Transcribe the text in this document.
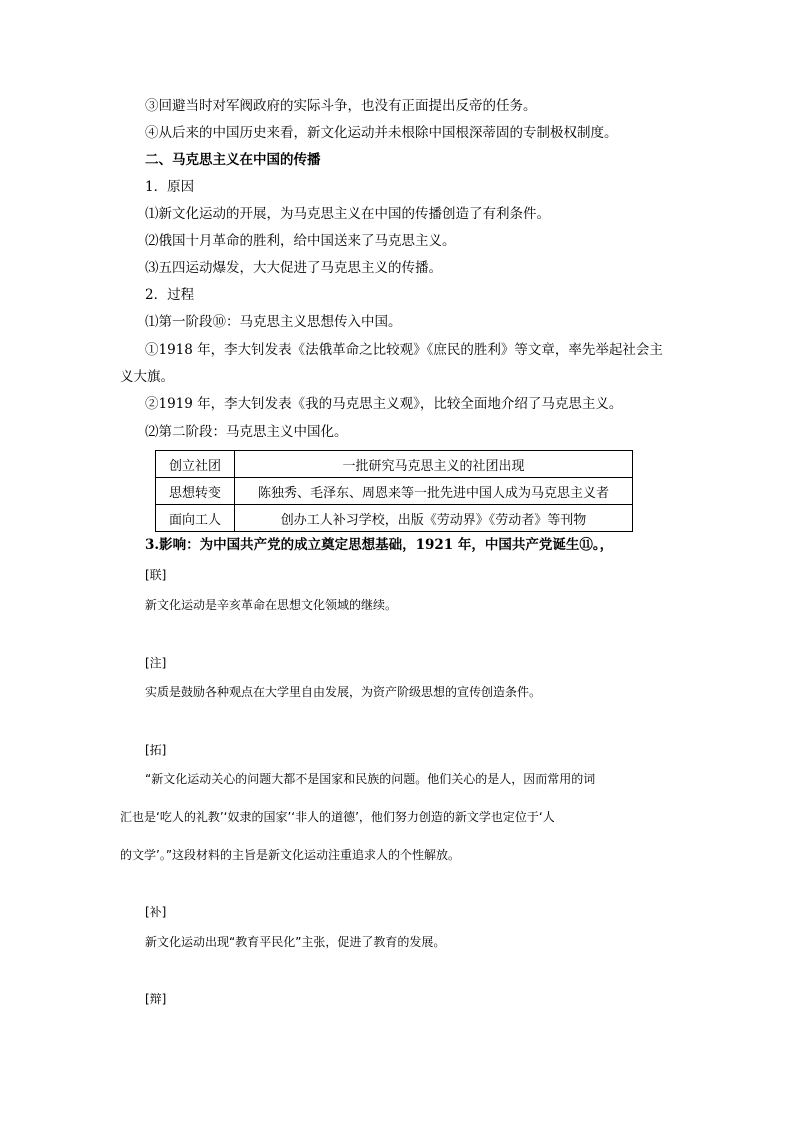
③回避当时对军阀政府的实际斗争，也没有正面提出反帝的任务。
④从后来的中国历史来看，新文化运动并未根除中国根深蒂固的专制极权制度。
二、马克思主义在中国的传播
1．原因
⑴新文化运动的开展，为马克思主义在中国的传播创造了有利条件。
⑵俄国十月革命的胜利，给中国送来了马克思主义。
⑶五四运动爆发，大大促进了马克思主义的传播。
2．过程
⑴第一阶段⑩：马克思主义思想传入中国。
①1918 年，李大钊发表《法俄革命之比较观》《庶民的胜利》等文章，率先举起社会主
义大旗。
②1919 年，李大钊发表《我的马克思主义观》，比较全面地介绍了马克思主义。
⑵第二阶段：马克思主义中国化。
创立社团	一批研究马克思主义的社团出现
思想转变	陈独秀、毛泽东、周恩来等一批先进中国人成为马克思主义者
面向工人	创办工人补习学校，出版《劳动界》《劳动者》等刊物
3.影响：为中国共产党的成立奠定思想基础，1921 年，中国共产党诞生⑪。，
[联]
新文化运动是辛亥革命在思想文化领域的继续。
[注]
实质是鼓励各种观点在大学里自由发展，为资产阶级思想的宣传创造条件。
[拓]
“新文化运动关心的问题大都不是国家和民族的问题。他们关心的是人，因而常用的词
汇也是‘吃人的礼教’‘奴隶的国家’‘非人的道德’，他们努力创造的新文学也定位于‘人
的文学’。”这段材料的主旨是新文化运动注重追求人的个性解放。
[补]
新文化运动出现“教育平民化”主张，促进了教育的发展。
[辩]
